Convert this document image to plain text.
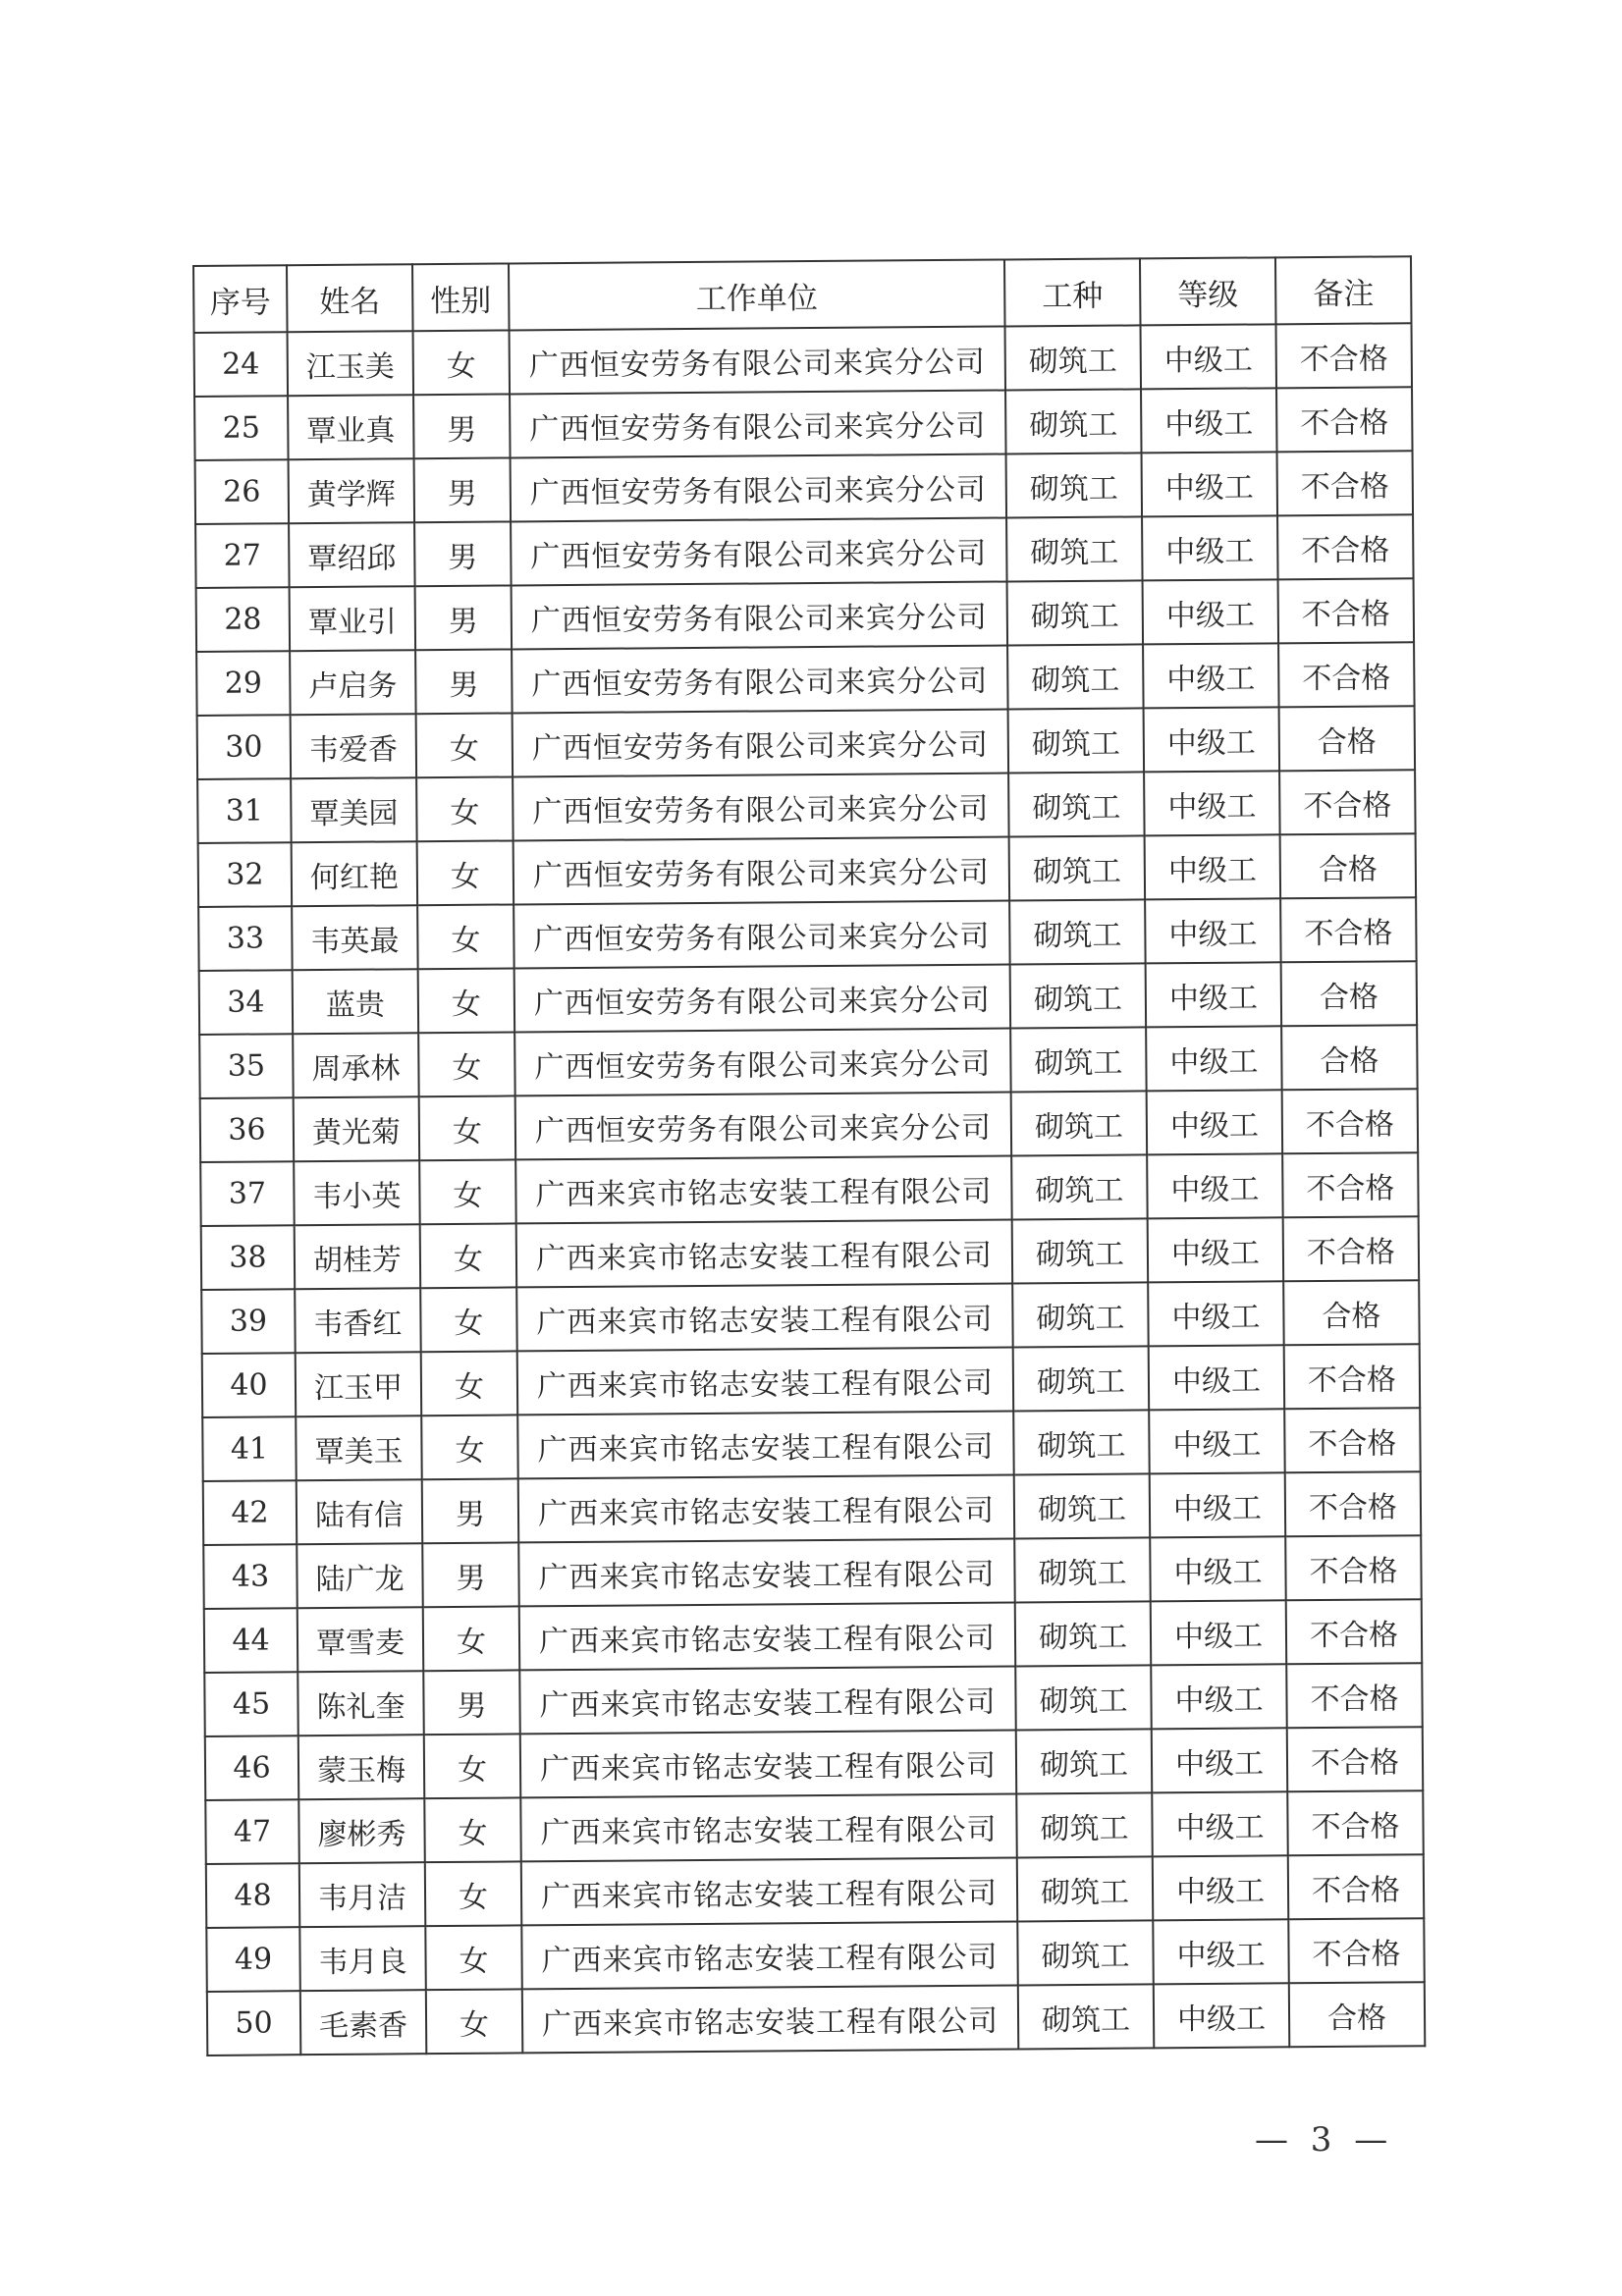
序号	姓名	性别	工作单位	工种	等级	备注
24	江玉美	女	广西恒安劳务有限公司来宾分公司	砌筑工	中级工	不合格
25	覃业真	男	广西恒安劳务有限公司来宾分公司	砌筑工	中级工	不合格
26	黄学辉	男	广西恒安劳务有限公司来宾分公司	砌筑工	中级工	不合格
27	覃绍邱	男	广西恒安劳务有限公司来宾分公司	砌筑工	中级工	不合格
28	覃业引	男	广西恒安劳务有限公司来宾分公司	砌筑工	中级工	不合格
29	卢启务	男	广西恒安劳务有限公司来宾分公司	砌筑工	中级工	不合格
30	韦爱香	女	广西恒安劳务有限公司来宾分公司	砌筑工	中级工	合格
31	覃美园	女	广西恒安劳务有限公司来宾分公司	砌筑工	中级工	不合格
32	何红艳	女	广西恒安劳务有限公司来宾分公司	砌筑工	中级工	合格
33	韦英最	女	广西恒安劳务有限公司来宾分公司	砌筑工	中级工	不合格
34	蓝贵	女	广西恒安劳务有限公司来宾分公司	砌筑工	中级工	合格
35	周承林	女	广西恒安劳务有限公司来宾分公司	砌筑工	中级工	合格
36	黄光菊	女	广西恒安劳务有限公司来宾分公司	砌筑工	中级工	不合格
37	韦小英	女	广西来宾市铭志安装工程有限公司	砌筑工	中级工	不合格
38	胡桂芳	女	广西来宾市铭志安装工程有限公司	砌筑工	中级工	不合格
39	韦香红	女	广西来宾市铭志安装工程有限公司	砌筑工	中级工	合格
40	江玉甲	女	广西来宾市铭志安装工程有限公司	砌筑工	中级工	不合格
41	覃美玉	女	广西来宾市铭志安装工程有限公司	砌筑工	中级工	不合格
42	陆有信	男	广西来宾市铭志安装工程有限公司	砌筑工	中级工	不合格
43	陆广龙	男	广西来宾市铭志安装工程有限公司	砌筑工	中级工	不合格
44	覃雪麦	女	广西来宾市铭志安装工程有限公司	砌筑工	中级工	不合格
45	陈礼奎	男	广西来宾市铭志安装工程有限公司	砌筑工	中级工	不合格
46	蒙玉梅	女	广西来宾市铭志安装工程有限公司	砌筑工	中级工	不合格
47	廖彬秀	女	广西来宾市铭志安装工程有限公司	砌筑工	中级工	不合格
48	韦月洁	女	广西来宾市铭志安装工程有限公司	砌筑工	中级工	不合格
49	韦月良	女	广西来宾市铭志安装工程有限公司	砌筑工	中级工	不合格
50	毛素香	女	广西来宾市铭志安装工程有限公司	砌筑工	中级工	合格
— 3 —
